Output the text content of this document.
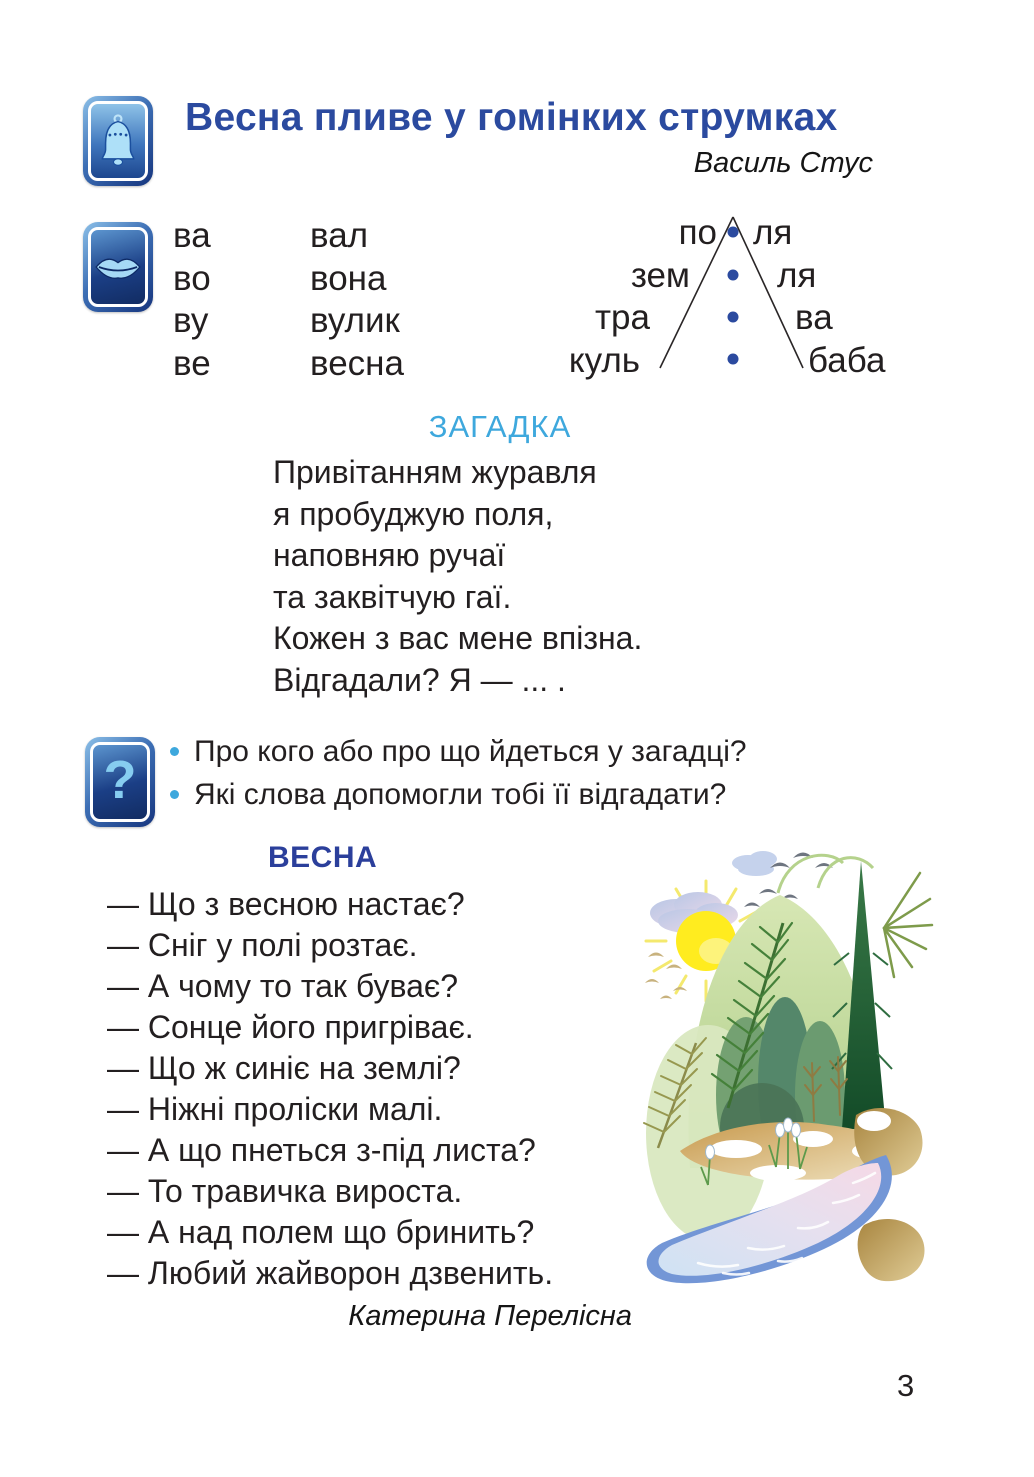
Весна пливе у гомінких струмках
Василь Стус
ва
во
ву
ве
вал
вона
вулик
весна
по ля
зем ля
тра	ва
куль	баба
ЗАГАДКА
Привітанням журавля
я пробуджую поля,
наповняю ручаї
та заквітчую гаї.
Кожен з вас мене впізна.
Відгадали? Я — ... .
? Про кого або про що йдеться у загадці?
Які слова допомогли тобі її відгадати?
ВЕСНА
— Що з весною настає?
— Сніг у полі розтає.
— А чому то так буває?
— Сонце його пригріває.
— Що ж синіє на землі?
— Ніжні проліски малі.
— А що пнеться з-під листа?
— То травичка вироста.
— А над полем що бринить?
— Любий жайворон дзвенить.
Катерина Перелісна
3
